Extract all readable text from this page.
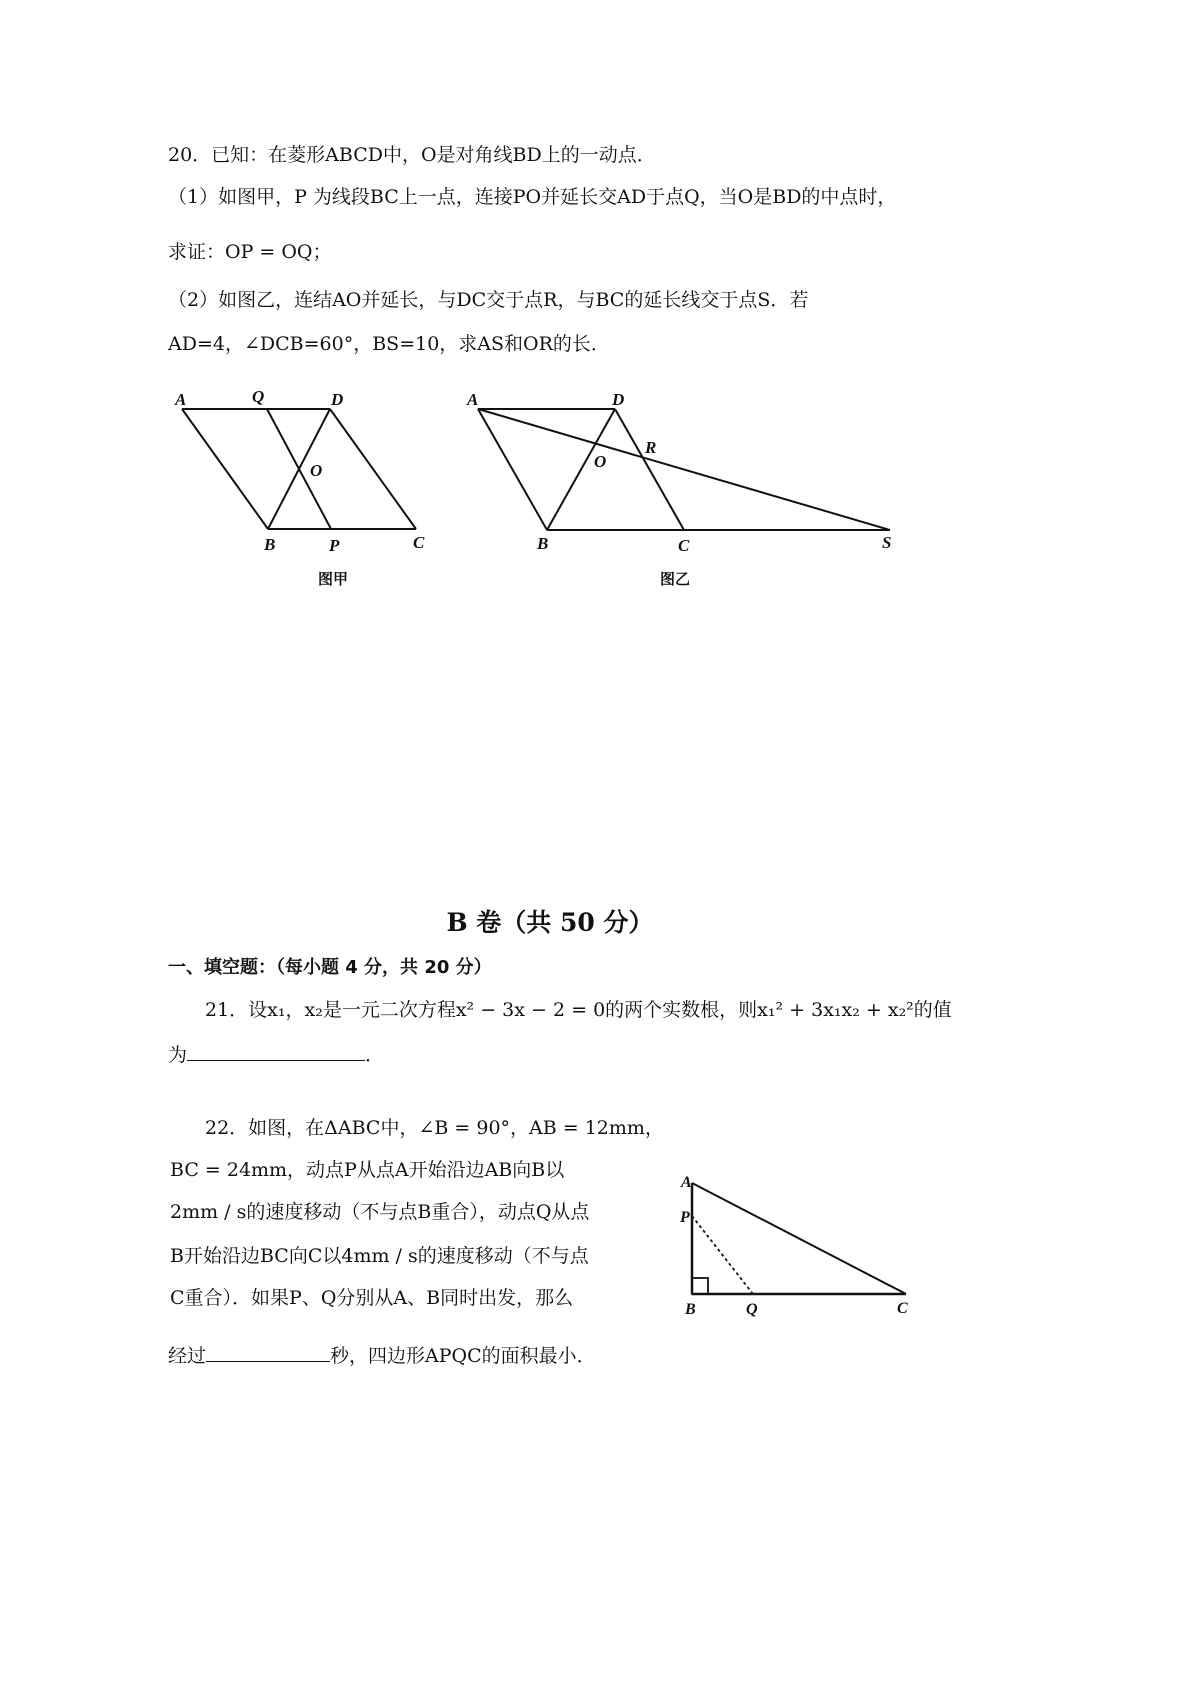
20．已知：在菱形ABCD中，O是对角线BD上的一动点．
（1）如图甲，P 为线段BC上一点，连接PO并延长交AD于点Q，当O是BD的中点时，
求证：OP = OQ；
（2）如图乙，连结AO并延长，与DC交于点R，与BC的延长线交于点S．若
AD=4，∠DCB=60°，BS=10，求AS和OR的长．
A	Q	D
O
B	P	C
图甲
A	D
O
R
B	C	S
图乙
B 卷（共 50 分）
一、填空题：（每小题 4 分，共 20 分）
21．设x₁，x₂是一元二次方程x² − 3x − 2 = 0的两个实数根，则x₁² + 3x₁x₂ + x₂²的值
为	．
22．如图，在ΔABC中，∠B = 90°，AB = 12mm，
BC = 24mm，动点P从点A开始沿边AB向B以
2mm / s的速度移动（不与点B重合），动点Q从点
B开始沿边BC向C以4mm / s的速度移动（不与点
C重合）．如果P、Q分别从A、B同时出发，那么
经过	秒，四边形APQC的面积最小．
A
P
B	Q	C
